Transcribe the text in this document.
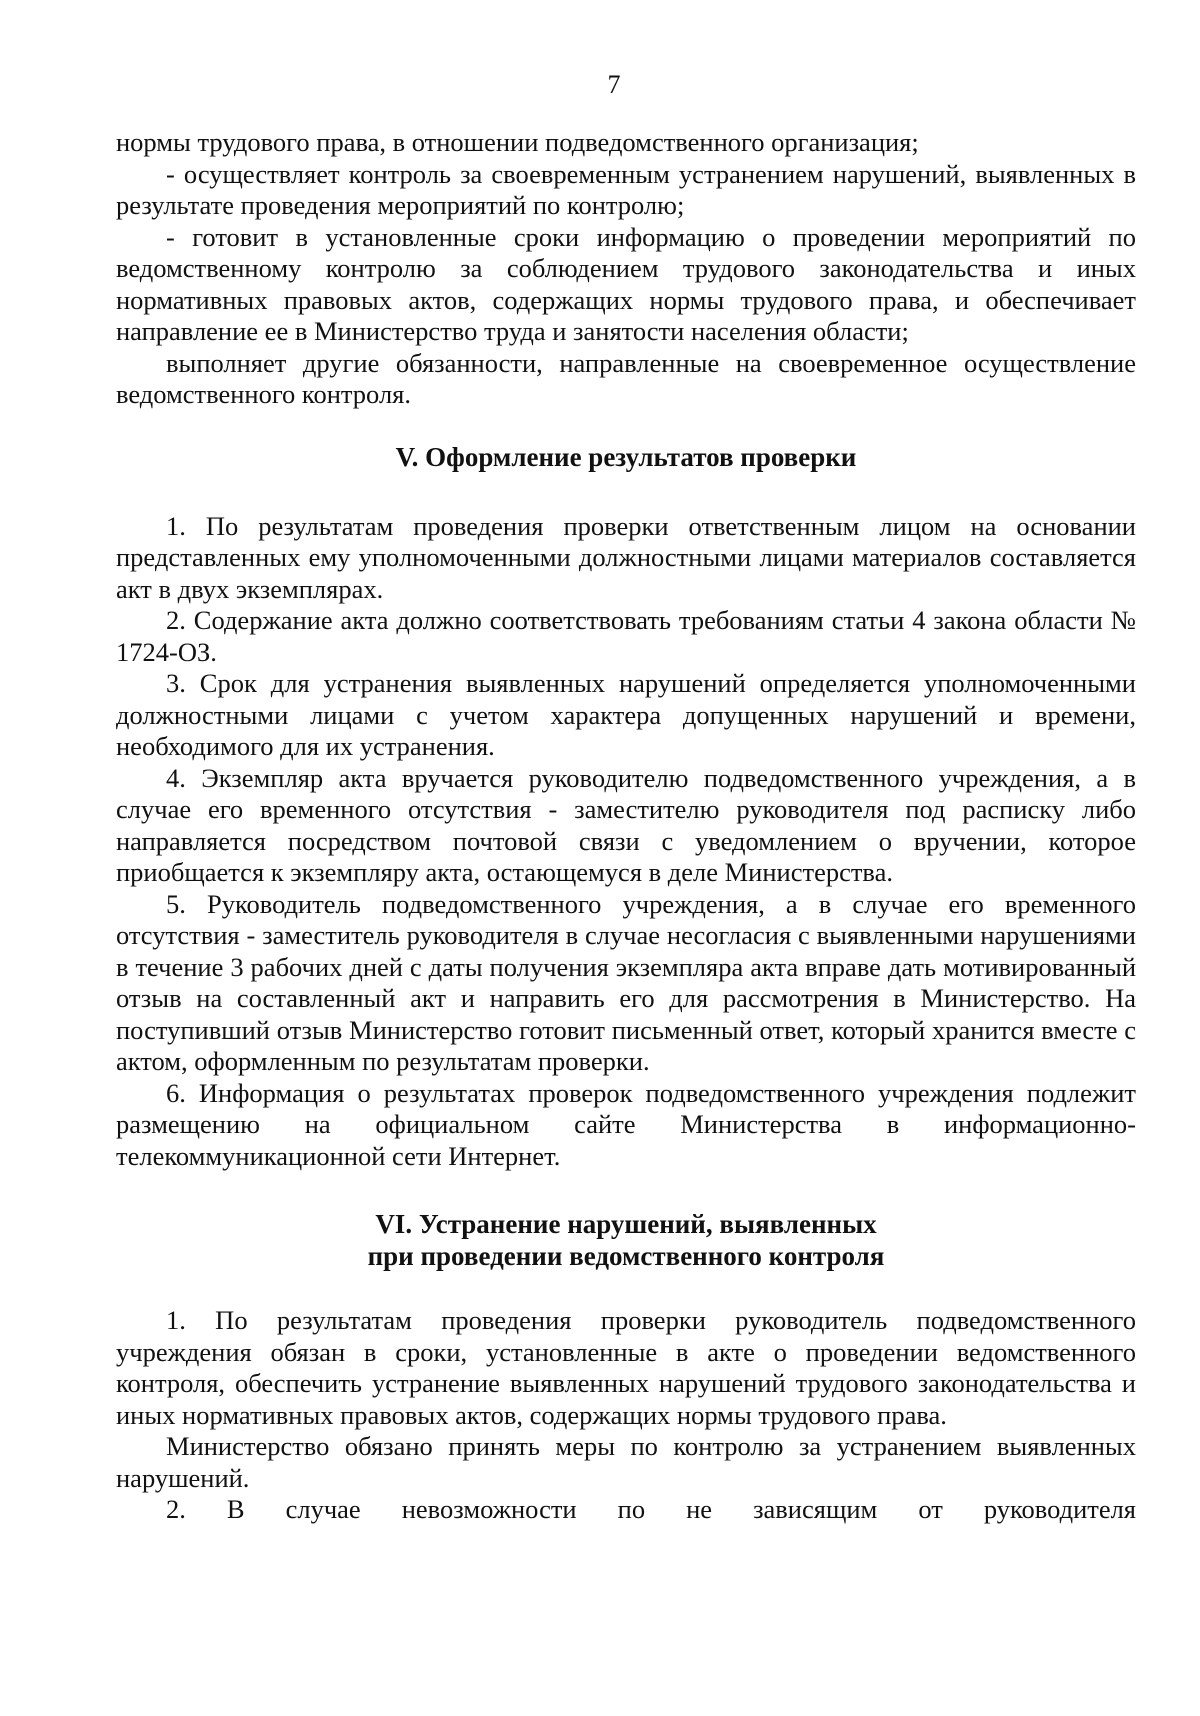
7

нормы трудового права, в отношении подведомственного организация;

- осуществляет контроль за своевременным устранением нарушений, выявленных в результате проведения мероприятий по контролю;

- готовит в установленные сроки информацию о проведении мероприятий по ведомственному контролю за соблюдением трудового законодательства и иных нормативных правовых актов, содержащих нормы трудового права, и обеспечивает направление ее в Министерство труда и занятости населения области;

выполняет другие обязанности, направленные на своевременное осуществление ведомственного контроля.

V. Оформление результатов проверки

1. По результатам проведения проверки ответственным лицом на основании представленных ему уполномоченными должностными лицами материалов составляется акт в двух экземплярах.

2. Содержание акта должно соответствовать требованиям статьи 4 закона области № 1724-ОЗ.

3. Срок для устранения выявленных нарушений определяется уполномоченными должностными лицами с учетом характера допущенных нарушений и времени, необходимого для их устранения.

4. Экземпляр акта вручается руководителю подведомственного учреждения, а в случае его временного отсутствия - заместителю руководителя под расписку либо направляется посредством почтовой связи с уведомлением о вручении, которое приобщается к экземпляру акта, остающемуся в деле Министерства.

5. Руководитель подведомственного учреждения, а в случае его временного отсутствия - заместитель руководителя в случае несогласия с выявленными нарушениями в течение 3 рабочих дней с даты получения экземпляра акта вправе дать мотивированный отзыв на составленный акт и направить его для рассмотрения в Министерство. На поступивший отзыв Министерство готовит письменный ответ, который хранится вместе с актом, оформленным по результатам проверки.

6. Информация о результатах проверок подведомственного учреждения подлежит размещению на официальном сайте Министерства в информационно-телекоммуникационной сети Интернет.

VI. Устранение нарушений, выявленных
при проведении ведомственного контроля

1. По результатам проведения проверки руководитель подведомственного учреждения обязан в сроки, установленные в акте о проведении ведомственного контроля, обеспечить устранение выявленных нарушений трудового законодательства и иных нормативных правовых актов, содержащих нормы трудового права.

Министерство обязано принять меры по контролю за устранением выявленных нарушений.

2. В случае невозможности по не зависящим от руководителя
